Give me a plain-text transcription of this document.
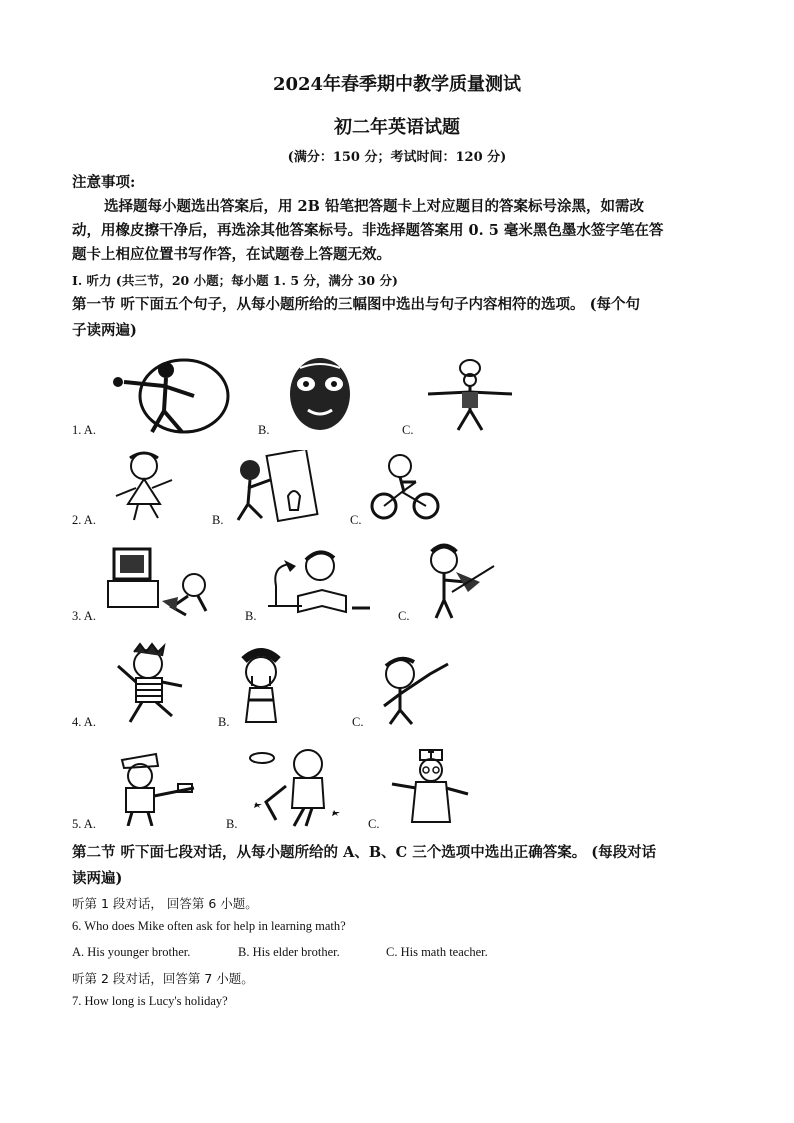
2024年春季期中教学质量测试
初二年英语试题
(满分：150 分；考试时间：120 分)
注意事项:
选择题每小题选出答案后，用 2B 铅笔把答题卡上对应题目的答案标号涂黑，如需改
动，用橡皮擦干净后，再选涂其他答案标号。非选择题答案用 0. 5 毫米黑色墨水签字笔在答
题卡上相应位置书写作答，在试题卷上答题无效。
I. 听力 (共三节，20 小题；每小题 1. 5 分，满分 30 分)
第一节 听下面五个句子，从每小题所给的三幅图中选出与句子内容相符的选项。 (每个句
子读两遍)
1. A.	B.	C.
2. A.	B.	C.
3. A.	B.	C.
4. A.	B.	C.
5. A.	B.	C.
第二节 听下面七段对话，从每小题所给的 A、B、C 三个选项中选出正确答案。 (每段对话
读两遍)
听第 1 段对话， 回答第 6 小题。
6. Who does Mike often ask for help in learning math?
A. His younger brother.	B. His elder brother.	C. His math teacher.
听第 2 段对话，回答第 7 小题。
7. How long is Lucy's holiday?
